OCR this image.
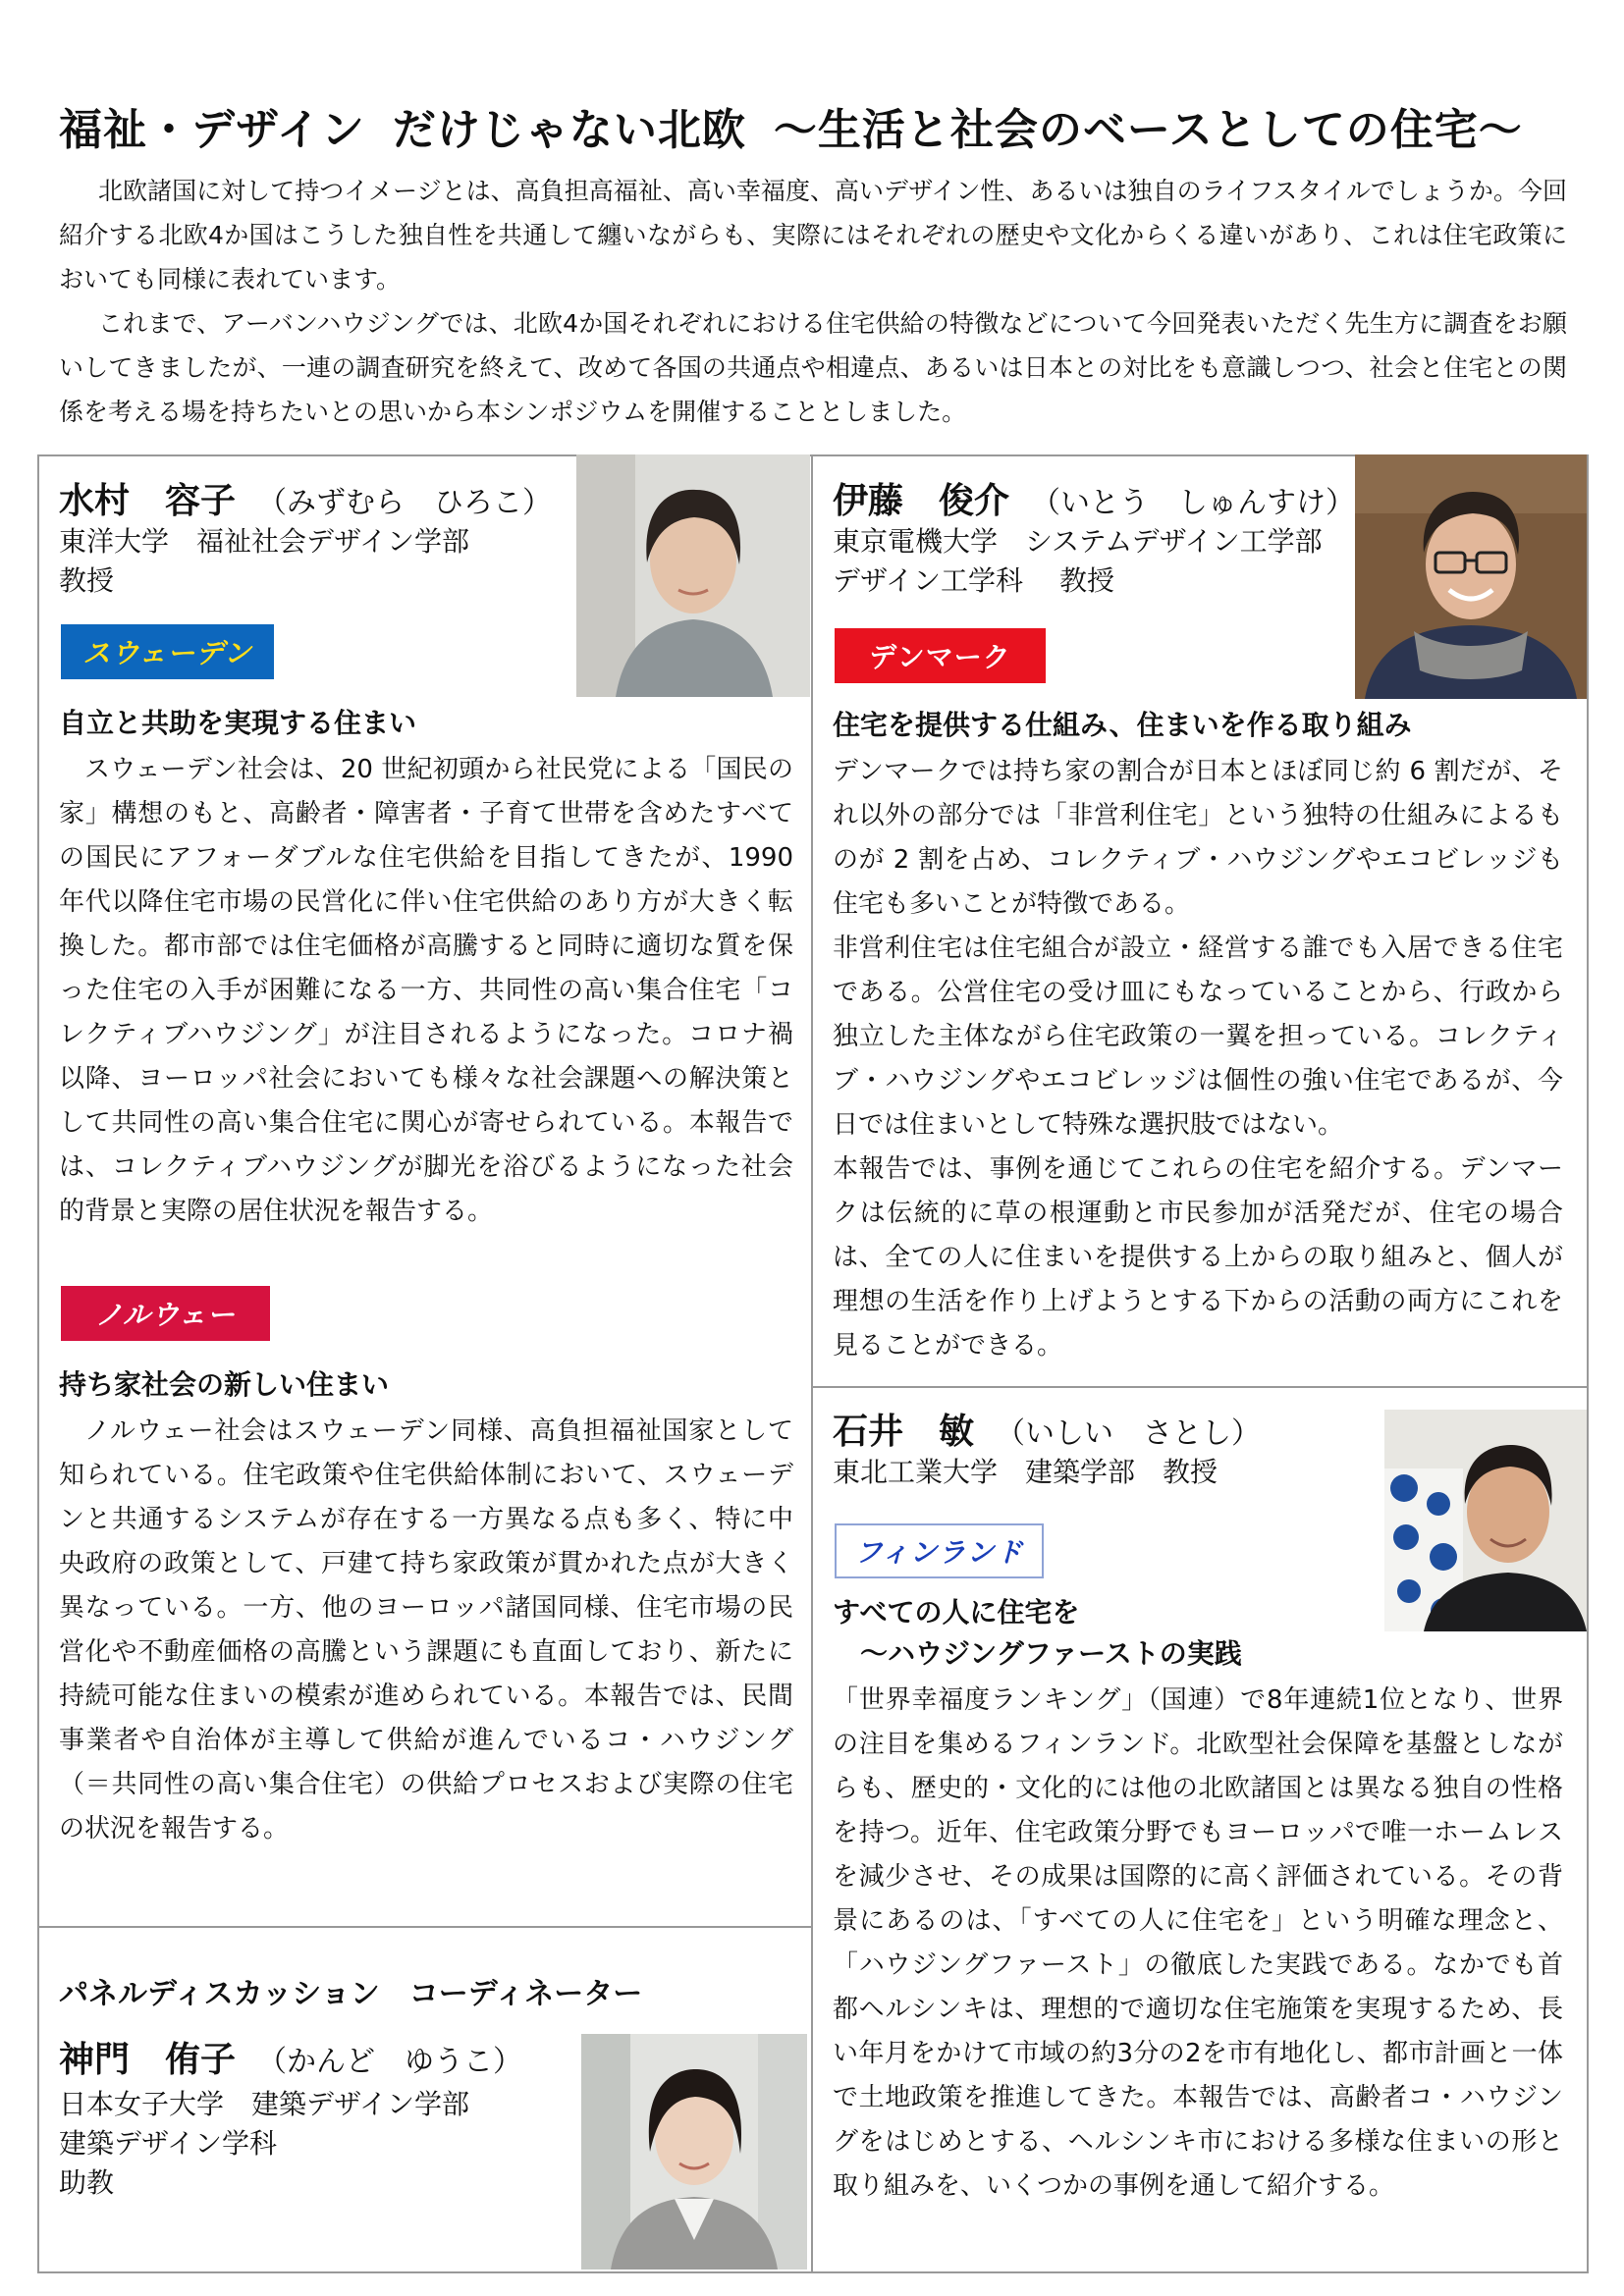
福祉・デザイン だけじゃない北欧 ～生活と社会のベースとしての住宅～

北欧諸国に対して持つイメージとは、高負担高福祉、高い幸福度、高いデザイン性、あるいは独自のライフスタイルでしょうか。今回紹介する北欧4か国はこうした独自性を共通して纏いながらも、実際にはそれぞれの歴史や文化からくる違いがあり、これは住宅政策においても同様に表れています。

これまで、アーバンハウジングでは、北欧4か国それぞれにおける住宅供給の特徴などについて今回発表いただく先生方に調査をお願いしてきましたが、一連の調査研究を終えて、改めて各国の共通点や相違点、あるいは日本との対比をも意識しつつ、社会と住宅との関係を考える場を持ちたいとの思いから本シンポジウムを開催することとしました。

水村　容子 （みずむら　ひろこ）
東洋大学　福祉社会デザイン学部
教授
スウェーデン
自立と共助を実現する住まい

スウェーデン社会は、20 世紀初頭から社民党による「国民の家」構想のもと、高齢者・障害者・子育て世帯を含めたすべての国民にアフォーダブルな住宅供給を目指してきたが、1990 年代以降住宅市場の民営化に伴い住宅供給のあり方が大きく転換した。都市部では住宅価格が高騰すると同時に適切な質を保った住宅の入手が困難になる一方、共同性の高い集合住宅「コレクティブハウジング」が注目されるようになった。コロナ禍以降、ヨーロッパ社会においても様々な社会課題への解決策として共同性の高い集合住宅に関心が寄せられている。本報告では、コレクティブハウジングが脚光を浴びるようになった社会的背景と実際の居住状況を報告する。

ノルウェー
持ち家社会の新しい住まい

ノルウェー社会はスウェーデン同様、高負担福祉国家として知られている。住宅政策や住宅供給体制において、スウェーデンと共通するシステムが存在する一方異なる点も多く、特に中央政府の政策として、戸建て持ち家政策が貫かれた点が大きく異なっている。一方、他のヨーロッパ諸国同様、住宅市場の民営化や不動産価格の高騰という課題にも直面しており、新たに持続可能な住まいの模索が進められている。本報告では、民間事業者や自治体が主導して供給が進んでいるコ・ハウジング（＝共同性の高い集合住宅）の供給プロセスおよび実際の住宅の状況を報告する。

パネルディスカッション　コーディネーター
神門　侑子 （かんど　ゆうこ）
日本女子大学　建築デザイン学部
建築デザイン学科
助教
伊藤　俊介 （いとう　しゅんすけ）
東京電機大学　システムデザイン工学部
デザイン工学科　 教授
デンマーク
住宅を提供する仕組み、住まいを作る取り組み

デンマークでは持ち家の割合が日本とほぼ同じ約 6 割だが、それ以外の部分では「非営利住宅」という独特の仕組みによるものが 2 割を占め、コレクティブ・ハウジングやエコビレッジも住宅も多いことが特徴である。

非営利住宅は住宅組合が設立・経営する誰でも入居できる住宅である。公営住宅の受け皿にもなっていることから、行政から独立した主体ながら住宅政策の一翼を担っている。コレクティブ・ハウジングやエコビレッジは個性の強い住宅であるが、今日では住まいとして特殊な選択肢ではない。

本報告では、事例を通じてこれらの住宅を紹介する。デンマークは伝統的に草の根運動と市民参加が活発だが、住宅の場合は、全ての人に住まいを提供する上からの取り組みと、個人が理想の生活を作り上げようとする下からの活動の両方にこれを見ることができる。

石井　敏 （いしい　さとし）
東北工業大学　建築学部　教授
フィンランド
すべての人に住宅を
　～ハウジングファーストの実践

「世界幸福度ランキング」（国連）で8年連続1位となり、世界の注目を集めるフィンランド。北欧型社会保障を基盤としながらも、歴史的・文化的には他の北欧諸国とは異なる独自の性格を持つ。近年、住宅政策分野でもヨーロッパで唯一ホームレスを減少させ、その成果は国際的に高く評価されている。その背景にあるのは、「すべての人に住宅を」という明確な理念と、「ハウジングファースト」の徹底した実践である。なかでも首都ヘルシンキは、理想的で適切な住宅施策を実現するため、長い年月をかけて市域の約3分の2を市有地化し、都市計画と一体で土地政策を推進してきた。本報告では、高齢者コ・ハウジングをはじめとする、ヘルシンキ市における多様な住まいの形と取り組みを、いくつかの事例を通して紹介する。
